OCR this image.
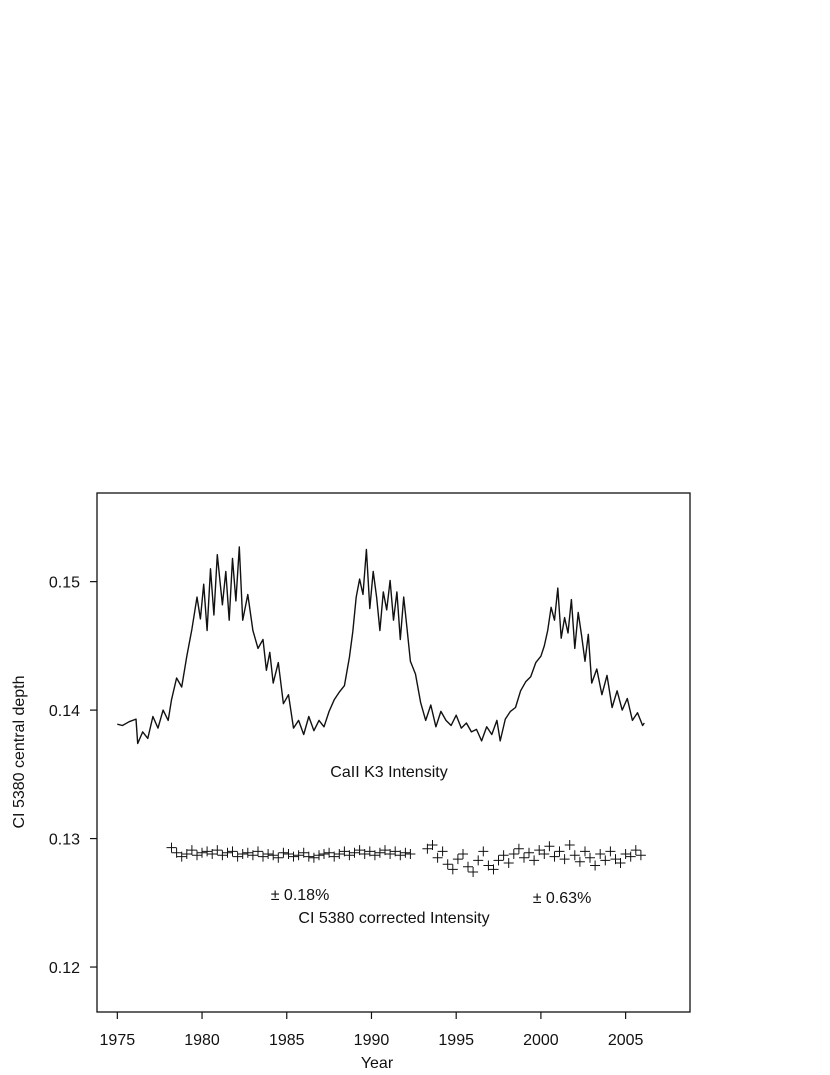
1975	1980	1985	1990	1995	2000	2005
0.12
0.13
0.14
0.15
Year
CI 5380 central depth	CaII K3 Intensity
± 0.18%	± 0.63%
CI 5380 corrected Intensity
